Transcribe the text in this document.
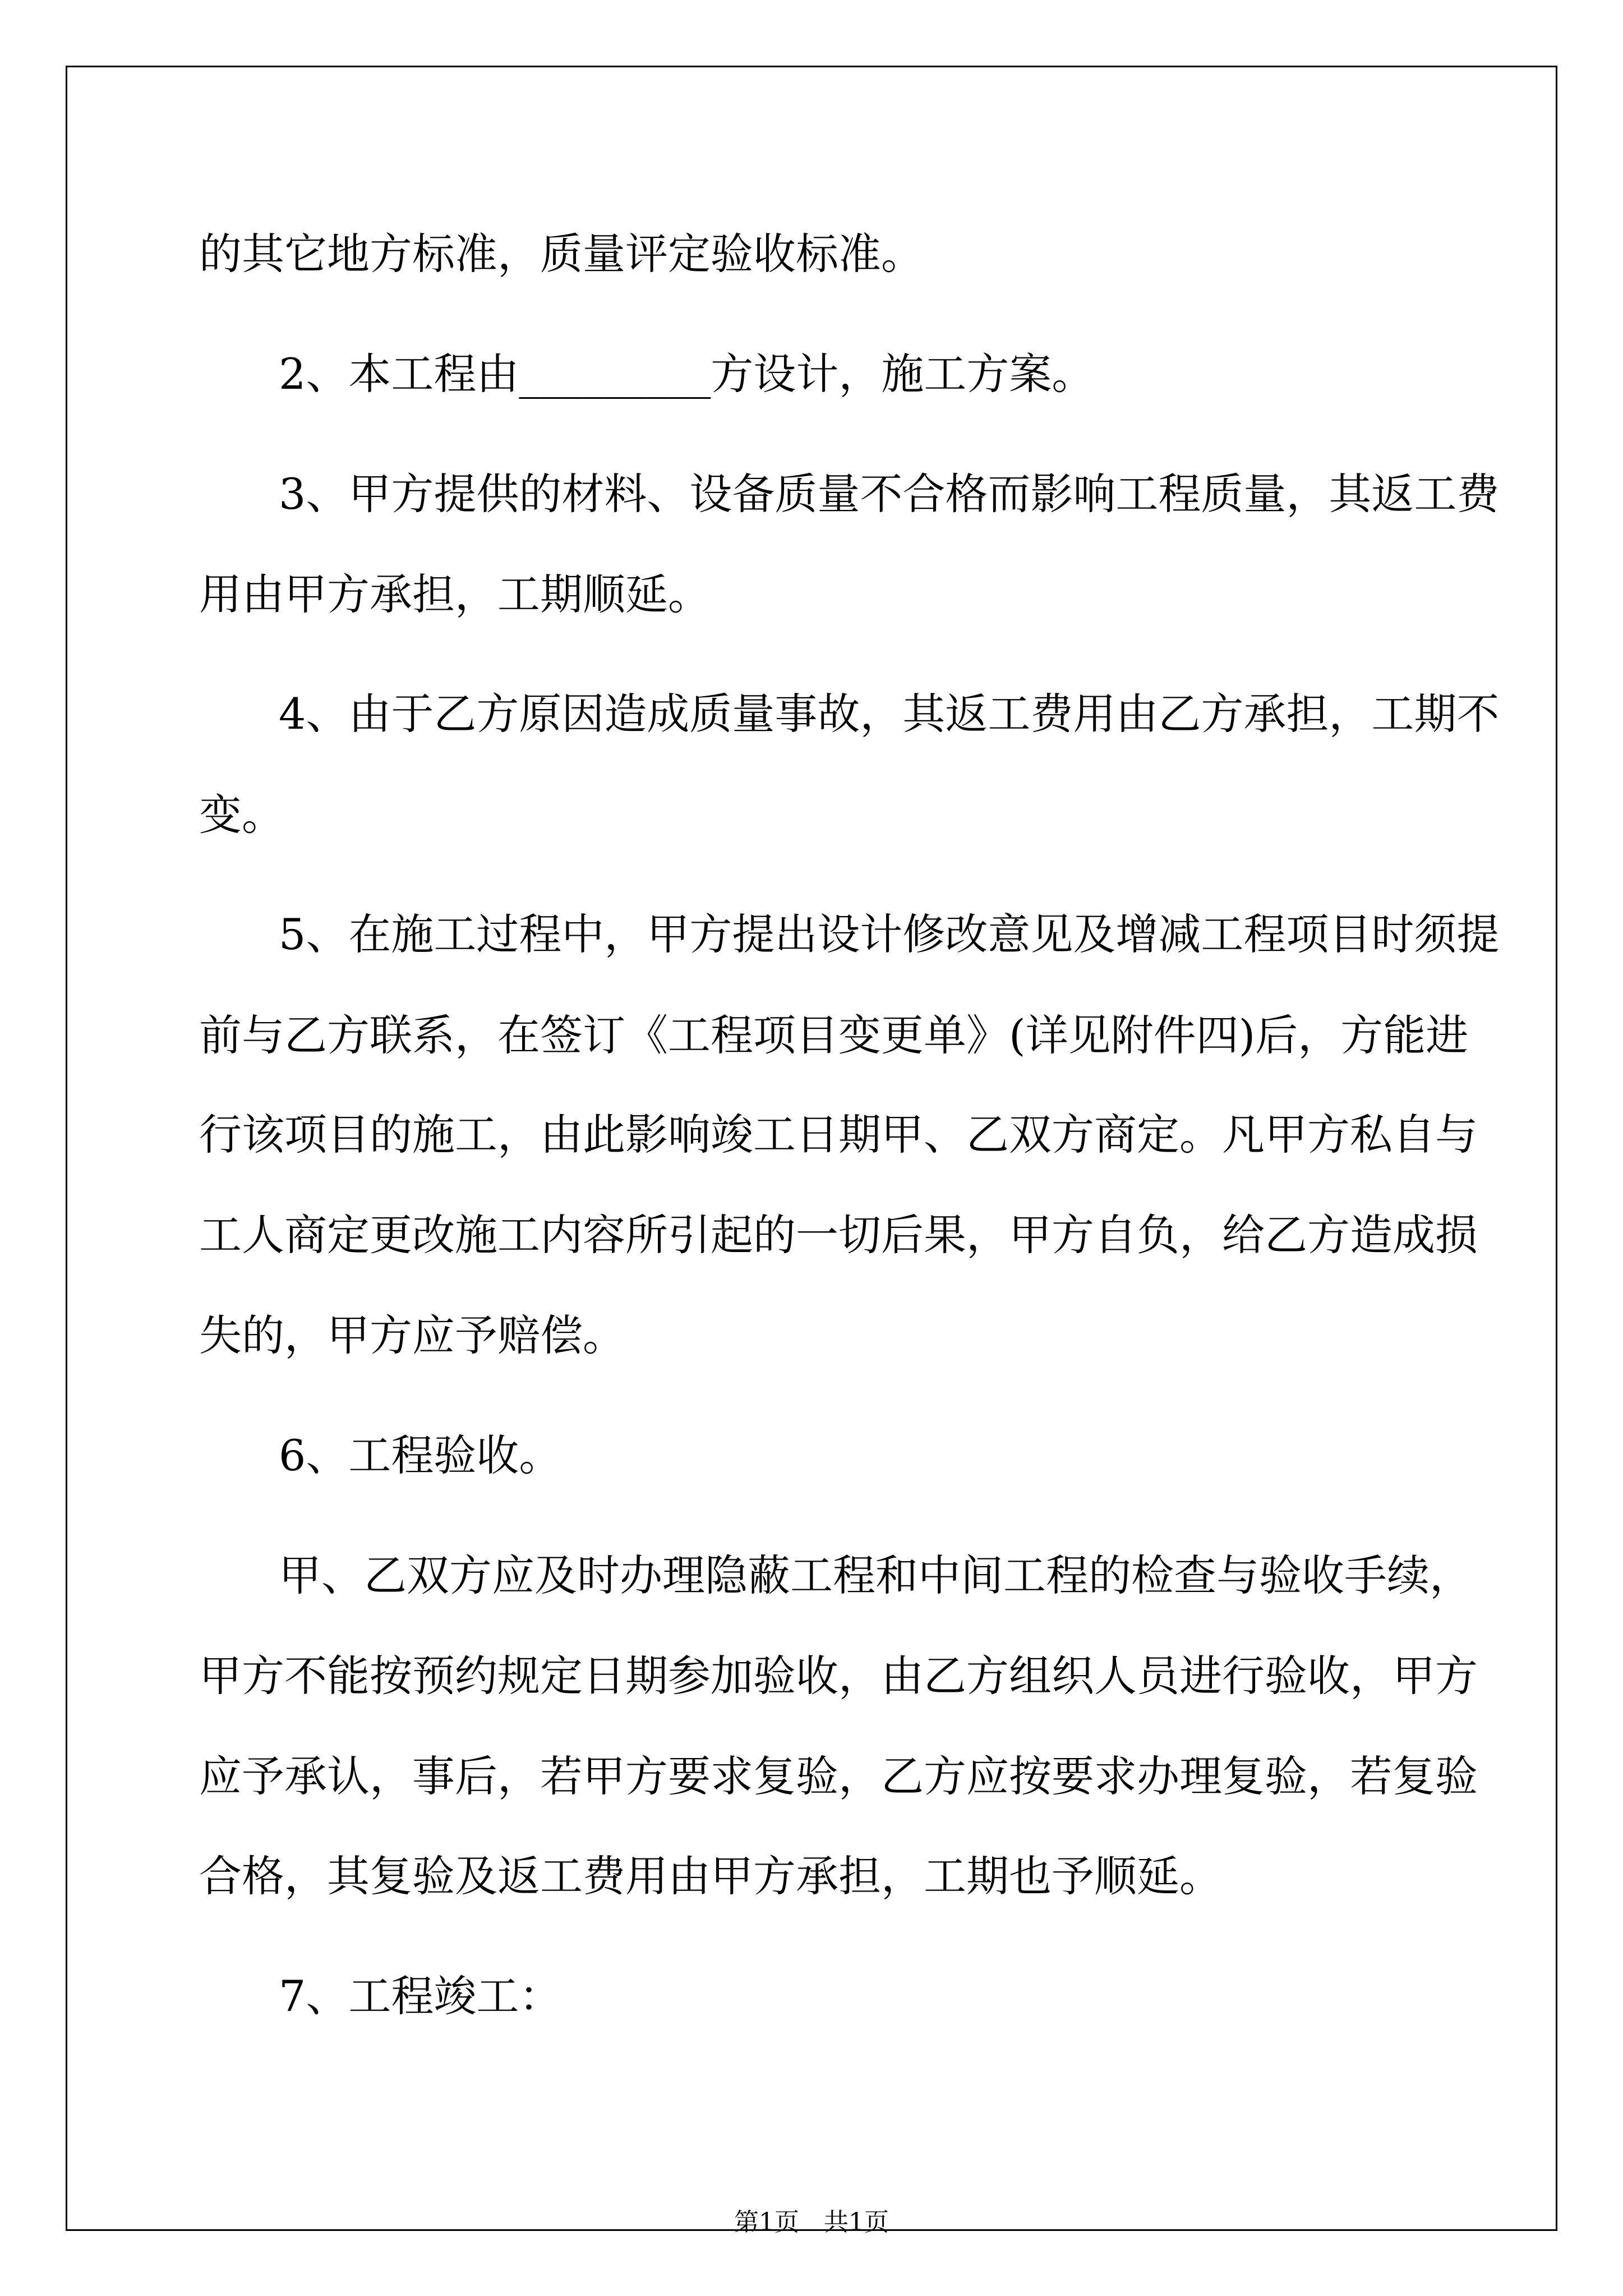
的其它地方标准，质量评定验收标准。
2、本工程由_________方设计，施工方案。
3、甲方提供的材料、设备质量不合格而影响工程质量，其返工费
用由甲方承担，工期顺延。
4、由于乙方原因造成质量事故，其返工费用由乙方承担，工期不
变。
5、在施工过程中，甲方提出设计修改意见及增减工程项目时须提
前与乙方联系，在签订《工程项目变更单》(详见附件四)后，方能进
行该项目的施工，由此影响竣工日期甲、乙双方商定。凡甲方私自与
工人商定更改施工内容所引起的一切后果，甲方自负，给乙方造成损
失的，甲方应予赔偿。
6、工程验收。
甲、乙双方应及时办理隐蔽工程和中间工程的检查与验收手续，
甲方不能按预约规定日期参加验收，由乙方组织人员进行验收，甲方
应予承认，事后，若甲方要求复验，乙方应按要求办理复验，若复验
合格，其复验及返工费用由甲方承担，工期也予顺延。
7、工程竣工：
第1页　共1页
